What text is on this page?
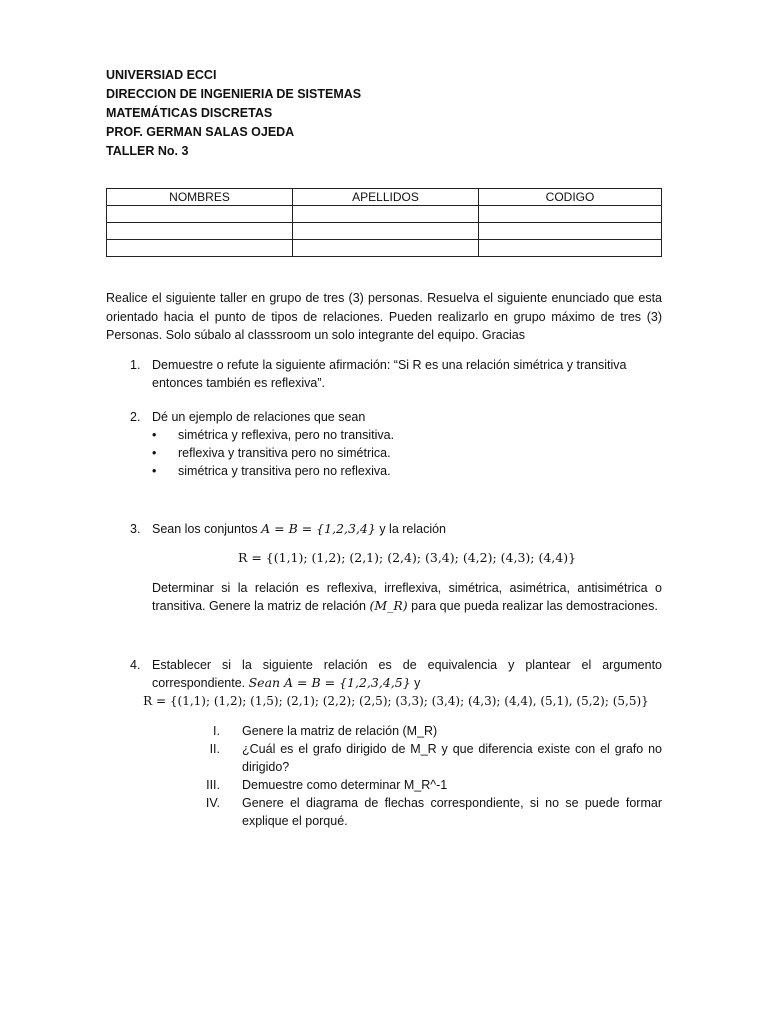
UNIVERSIAD ECCI
DIRECCION DE INGENIERIA DE SISTEMAS
MATEMÁTICAS DISCRETAS
PROF. GERMAN SALAS OJEDA
TALLER No. 3
NOMBRES	APELLIDOS	CODIGO

Realice el siguiente taller en grupo de tres (3) personas. Resuelva el siguiente enunciado que esta orientado hacia el punto de tipos de relaciones. Pueden realizarlo en grupo máximo de tres (3) Personas. Solo súbalo al classsroom un solo integrante del equipo. Gracias
1. Demuestre o refute la siguiente afirmación: “Si R es una relación simétrica y transitiva entonces también es reflexiva”.
2. Dé un ejemplo de relaciones que sean
• simétrica y reflexiva, pero no transitiva.
• reflexiva y transitiva pero no simétrica.
• simétrica y transitiva pero no reflexiva.
3. Sean los conjuntos A = B = {1,2,3,4} y la relación
R = {(1,1); (1,2); (2,1); (2,4); (3,4); (4,2); (4,3); (4,4)}
Determinar si la relación es reflexiva, irreflexiva, simétrica, asimétrica, antisimétrica o transitiva. Genere la matriz de relación (M_R) para que pueda realizar las demostraciones.
4. Establecer si la siguiente relación es de equivalencia y plantear el argumento correspondiente. Sean A = B = {1,2,3,4,5} y
R = {(1,1); (1,2); (1,5); (2,1); (2,2); (2,5); (3,3); (3,4); (4,3); (4,4), (5,1), (5,2); (5,5)}
I. Genere la matriz de relación (M_R)
II. ¿Cuál es el grafo dirigido de M_R y que diferencia existe con el grafo no dirigido?
III. Demuestre como determinar M_R^-1
IV. Genere el diagrama de flechas correspondiente, si no se puede formar explique el porqué.
